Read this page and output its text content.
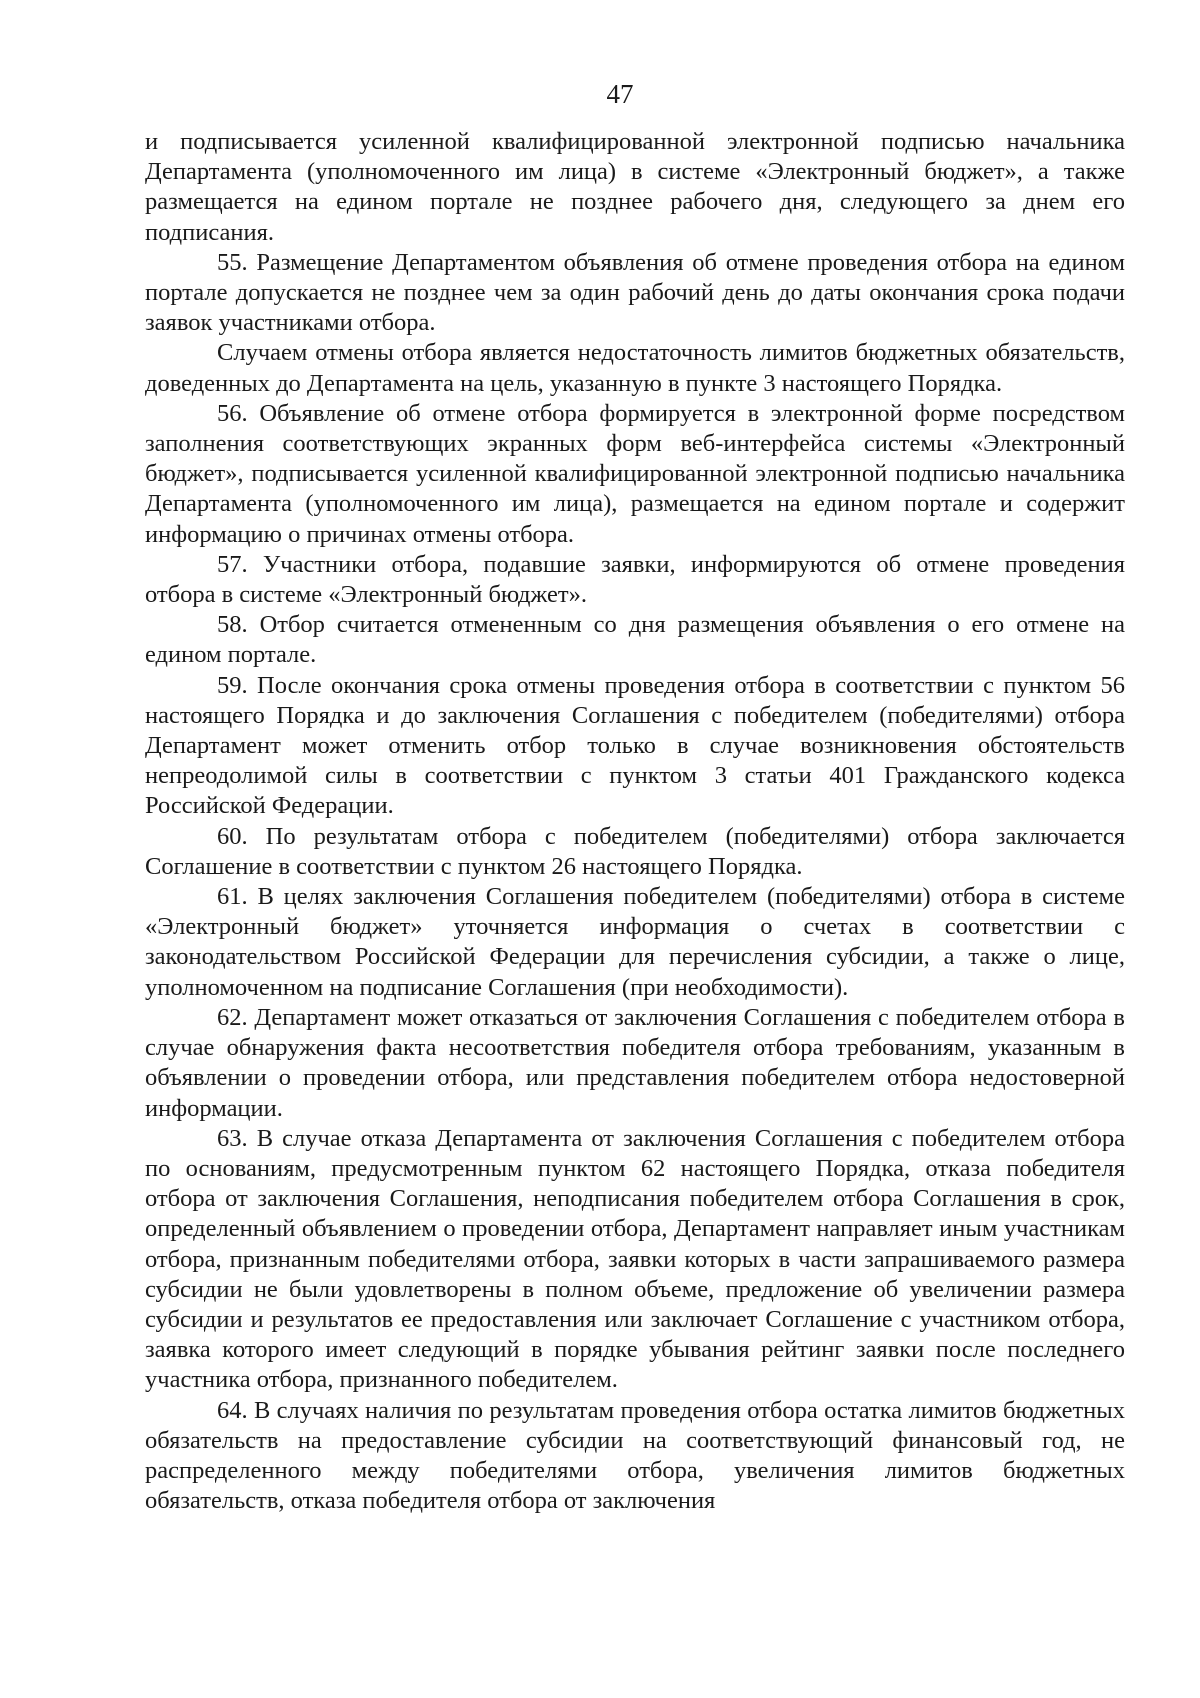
47

и подписывается усиленной квалифицированной электронной подписью начальника Департамента (уполномоченного им лица) в системе «Электронный бюджет», а также размещается на едином портале не позднее рабочего дня, следующего за днем его подписания.

55. Размещение Департаментом объявления об отмене проведения отбора на едином портале допускается не позднее чем за один рабочий день до даты окончания срока подачи заявок участниками отбора.

Случаем отмены отбора является недостаточность лимитов бюджетных обязательств, доведенных до Департамента на цель, указанную в пункте 3 настоящего Порядка.

56. Объявление об отмене отбора формируется в электронной форме посредством заполнения соответствующих экранных форм веб-интерфейса системы «Электронный бюджет», подписывается усиленной квалифицированной электронной подписью начальника Департамента (уполномоченного им лица), размещается на едином портале и содержит информацию о причинах отмены отбора.

57. Участники отбора, подавшие заявки, информируются об отмене проведения отбора в системе «Электронный бюджет».

58. Отбор считается отмененным со дня размещения объявления о его отмене на едином портале.

59. После окончания срока отмены проведения отбора в соответствии с пунктом 56 настоящего Порядка и до заключения Соглашения с победителем (победителями) отбора Департамент может отменить отбор только в случае возникновения обстоятельств непреодолимой силы в соответствии с пунктом 3 статьи 401 Гражданского кодекса Российской Федерации.

60. По результатам отбора с победителем (победителями) отбора заключается Соглашение в соответствии с пунктом 26 настоящего Порядка.

61. В целях заключения Соглашения победителем (победителями) отбора в системе «Электронный бюджет» уточняется информация о счетах в соответствии с законодательством Российской Федерации для перечисления субсидии, а также о лице, уполномоченном на подписание Соглашения (при необходимости).

62. Департамент может отказаться от заключения Соглашения с победителем отбора в случае обнаружения факта несоответствия победителя отбора требованиям, указанным в объявлении о проведении отбора, или представления победителем отбора недостоверной информации.

63. В случае отказа Департамента от заключения Соглашения с победителем отбора по основаниям, предусмотренным пунктом 62 настоящего Порядка, отказа победителя отбора от заключения Соглашения, неподписания победителем отбора Соглашения в срок, определенный объявлением о проведении отбора, Департамент направляет иным участникам отбора, признанным победителями отбора, заявки которых в части запрашиваемого размера субсидии не были удовлетворены в полном объеме, предложение об увеличении размера субсидии и результатов ее предоставления или заключает Соглашение с участником отбора, заявка которого имеет следующий в порядке убывания рейтинг заявки после последнего участника отбора, признанного победителем.

64. В случаях наличия по результатам проведения отбора остатка лимитов бюджетных обязательств на предоставление субсидии на соответствующий финансовый год, не распределенного между победителями отбора, увеличения лимитов бюджетных обязательств, отказа победителя отбора от заключения
